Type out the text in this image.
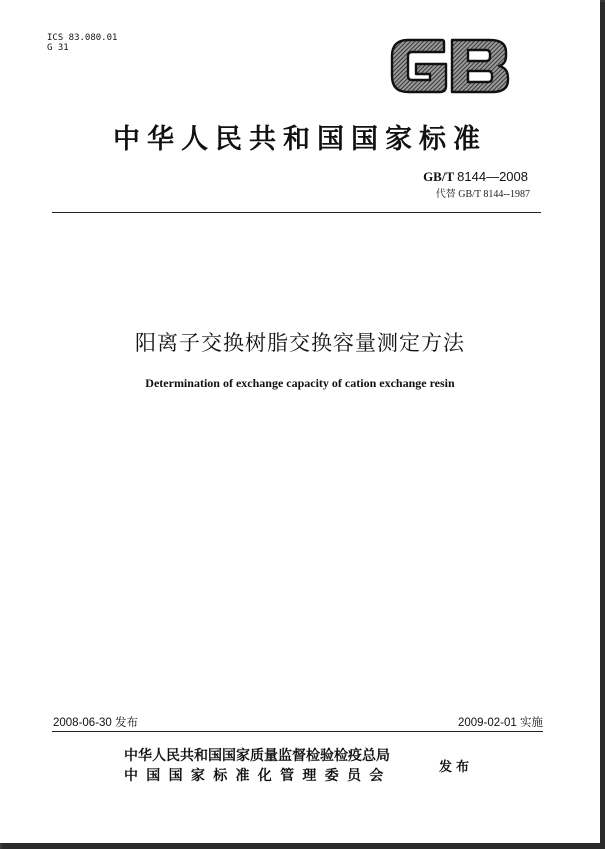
ICS 83.080.01
G 31
中华人民共和国国家标准
GB/T 8144—2008
代替 GB/T 8144--1987
阳离子交换树脂交换容量测定方法
Determination of exchange capacity of cation exchange resin
2008-06-30 发布	2009-02-01 实施
中华人民共和国国家质量监督检验检疫总局
中国国家标准化管理委员会
发布
